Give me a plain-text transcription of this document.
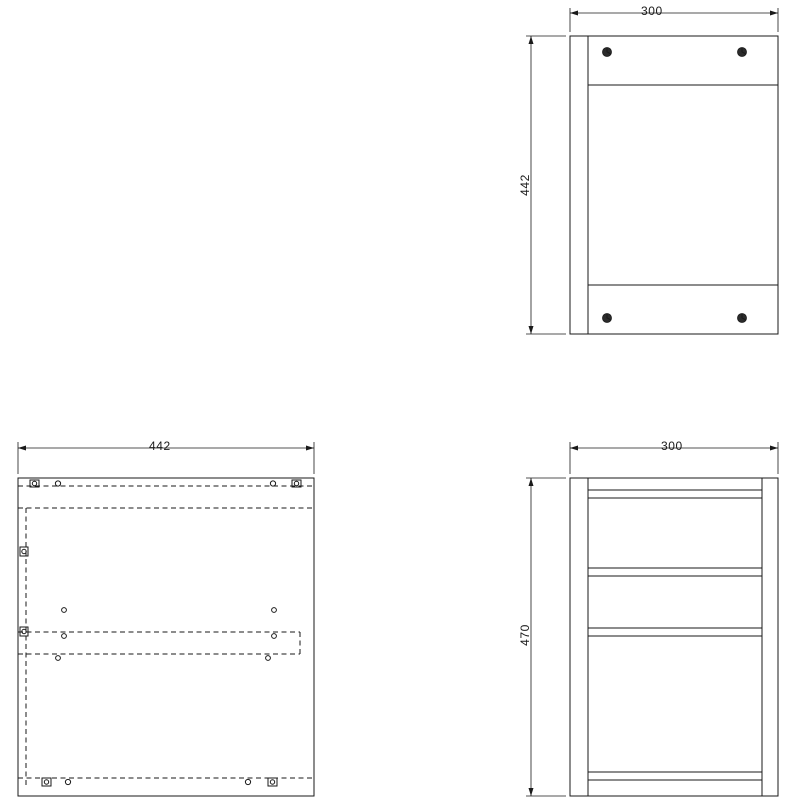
300
442
442	300
470
